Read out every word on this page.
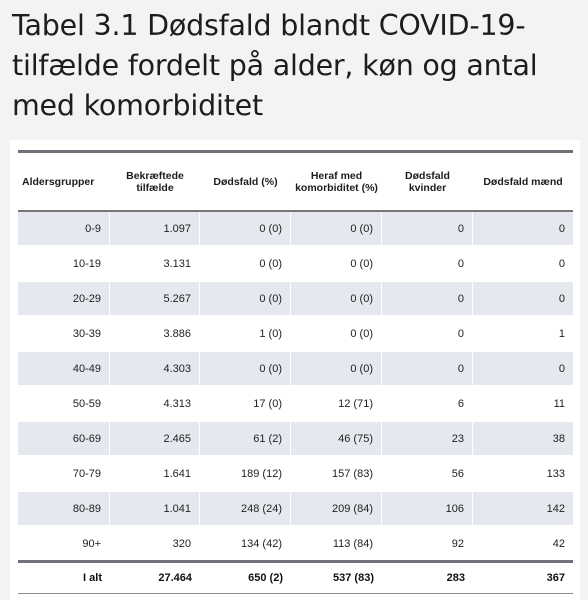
Tabel 3.1 Dødsfald blandt COVID-19-tilfælde fordelt på alder, køn og antal med komorbiditet
Aldersgrupper	Bekræftede tilfælde	Dødsfald (%)	Heraf med komorbiditet (%)	Dødsfald kvinder	Dødsfald mænd
0-9	1.097	0 (0)	0 (0)	0	0
10-19	3.131	0 (0)	0 (0)	0	0
20-29	5.267	0 (0)	0 (0)	0	0
30-39	3.886	1 (0)	0 (0)	0	1
40-49	4.303	0 (0)	0 (0)	0	0
50-59	4.313	17 (0)	12 (71)	6	11
60-69	2.465	61 (2)	46 (75)	23	38
70-79	1.641	189 (12)	157 (83)	56	133
80-89	1.041	248 (24)	209 (84)	106	142
90+	320	134 (42)	113 (84)	92	42
I alt	27.464	650 (2)	537 (83)	283	367
